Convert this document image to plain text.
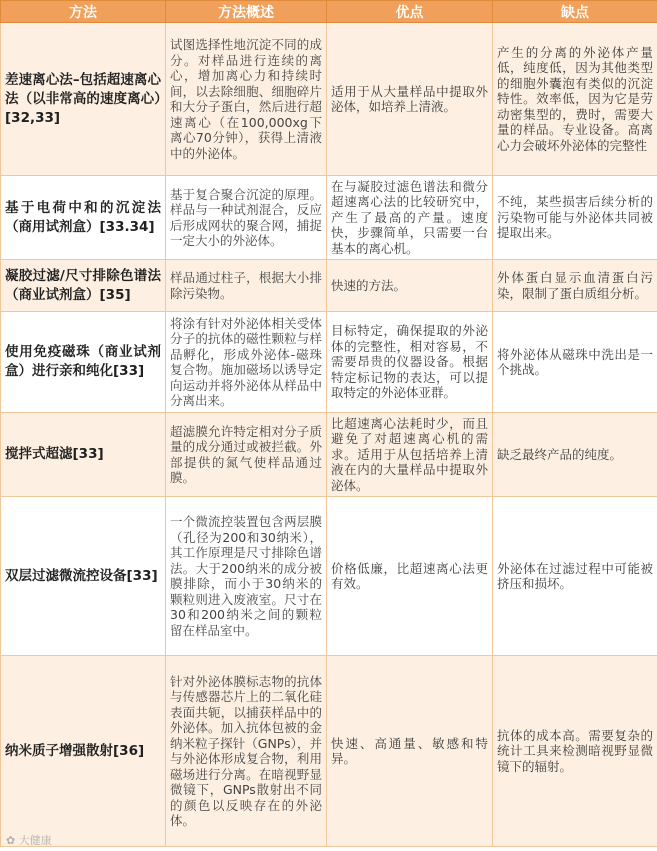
方法	方法概述	优点	缺点
差速离心法–包括超速离心法（以非常高的速度离心）[32,33]	试图选择性地沉淀不同的成分。对样品进行连续的离心，增加离心力和持续时间，以去除细胞、细胞碎片和大分子蛋白，然后进行超速离心（在100,000xg下离心70分钟），获得上清液中的外泌体。	适用于从大量样品中提取外泌体，如培养上清液。	产生的分离的外泌体产量低，纯度低，因为其他类型的细胞外囊泡有类似的沉淀特性。效率低，因为它是劳动密集型的，费时，需要大量的样品。专业设备。高离心力会破坏外泌体的完整性
基于电荷中和的沉淀法（商用试剂盒）[33.34]	基于复合聚合沉淀的原理。样品与一种试剂混合，反应后形成网状的聚合网，捕捉一定大小的外泌体。	在与凝胶过滤色谱法和微分超速离心法的比较研究中，产生了最高的产量。速度快，步骤简单，只需要一台基本的离心机。	不纯，某些损害后续分析的污染物可能与外泌体共同被提取出来。
凝胶过滤/尺寸排除色谱法（商业试剂盒）[35]	样品通过柱子，根据大小排除污染物。	快速的方法。	外体蛋白显示血清蛋白污染，限制了蛋白质组分析。
使用免疫磁珠（商业试剂盒）进行亲和纯化[33]	将涂有针对外泌体相关受体分子的抗体的磁性颗粒与样品孵化，形成外泌体-磁珠复合物。施加磁场以诱导定向运动并将外泌体从样品中分离出来。	目标特定，确保提取的外泌体的完整性，相对容易，不需要昂贵的仪器设备。根据特定标记物的表达，可以提取特定的外泌体亚群。	将外泌体从磁珠中洗出是一个挑战。
搅拌式超滤[33]	超滤膜允许特定相对分子质量的成分通过或被拦截。外部提供的氮气使样品通过膜。	比超速离心法耗时少，而且避免了对超速离心机的需求。适用于从包括培养上清液在内的大量样品中提取外泌体。	缺乏最终产品的纯度。
双层过滤微流控设备[33]	一个微流控装置包含两层膜（孔径为200和30纳米），其工作原理是尺寸排除色谱法。大于200纳米的成分被膜排除，而小于30纳米的颗粒则进入废液室。尺寸在30和200纳米之间的颗粒留在样品室中。	价格低廉，比超速离心法更有效。	外泌体在过滤过程中可能被挤压和损坏。
纳米质子增强散射[36]	针对外泌体膜标志物的抗体与传感器芯片上的二氧化硅表面共轭，以捕获样品中的外泌体。加入抗体包被的金纳米粒子探针（GNPs），并与外泌体形成复合物，利用磁场进行分离。在暗视野显微镜下，GNPs散射出不同的颜色以反映存在的外泌体。	快速、高通量、敏感和特异。	抗体的成本高。需要复杂的统计工具来检测暗视野显微镜下的辐射。
✿ 大健康
